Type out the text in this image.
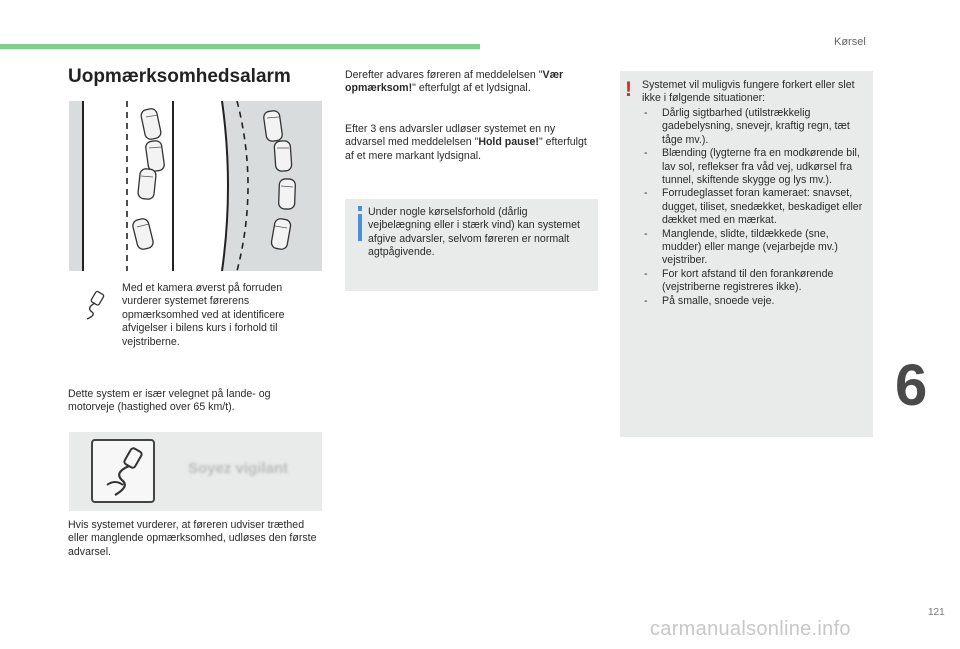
Kørsel
Uopmærksomhedsalarm

Med et kamera øverst på forruden vurderer systemet førerens opmærksomhed ved at identificere afvigelser i bilens kurs i forhold til vejstriberne.

Dette system er især velegnet på lande- og motorveje (hastighed over 65 km/t).

Soyez vigilant

Hvis systemet vurderer, at føreren udviser træthed eller manglende opmærksomhed, udløses den første advarsel.

Derefter advares føreren af meddelelsen "Vær opmærksom!" efterfulgt af et lydsignal.

Efter 3 ens advarsler udløser systemet en ny advarsel med meddelelsen "Hold pause!" efterfulgt af et mere markant lydsignal.

Under nogle kørselsforhold (dårlig vejbelægning eller i stærk vind) kan systemet afgive advarsler, selvom føreren er normalt agtpågivende.

! Systemet vil muligvis fungere forkert eller slet ikke i følgende situationer:

- Dårlig sigtbarhed (utilstrækkelig gadebelysning, snevejr, kraftig regn, tæt tåge mv.).
- Blænding (lygterne fra en modkørende bil, lav sol, reflekser fra våd vej, udkørsel fra tunnel, skiftende skygge og lys mv.).
- Forrudeglasset foran kameraet: snavset, dugget, tiliset, snedækket, beskadiget eller dækket med en mærkat.
- Manglende, slidte, tildækkede (sne, mudder) eller mange (vejarbejde mv.) vejstriber.
- For kort afstand til den forankørende (vejstriberne registreres ikke).
- På smalle, snoede veje.
6
121
carmanualsonline.info
